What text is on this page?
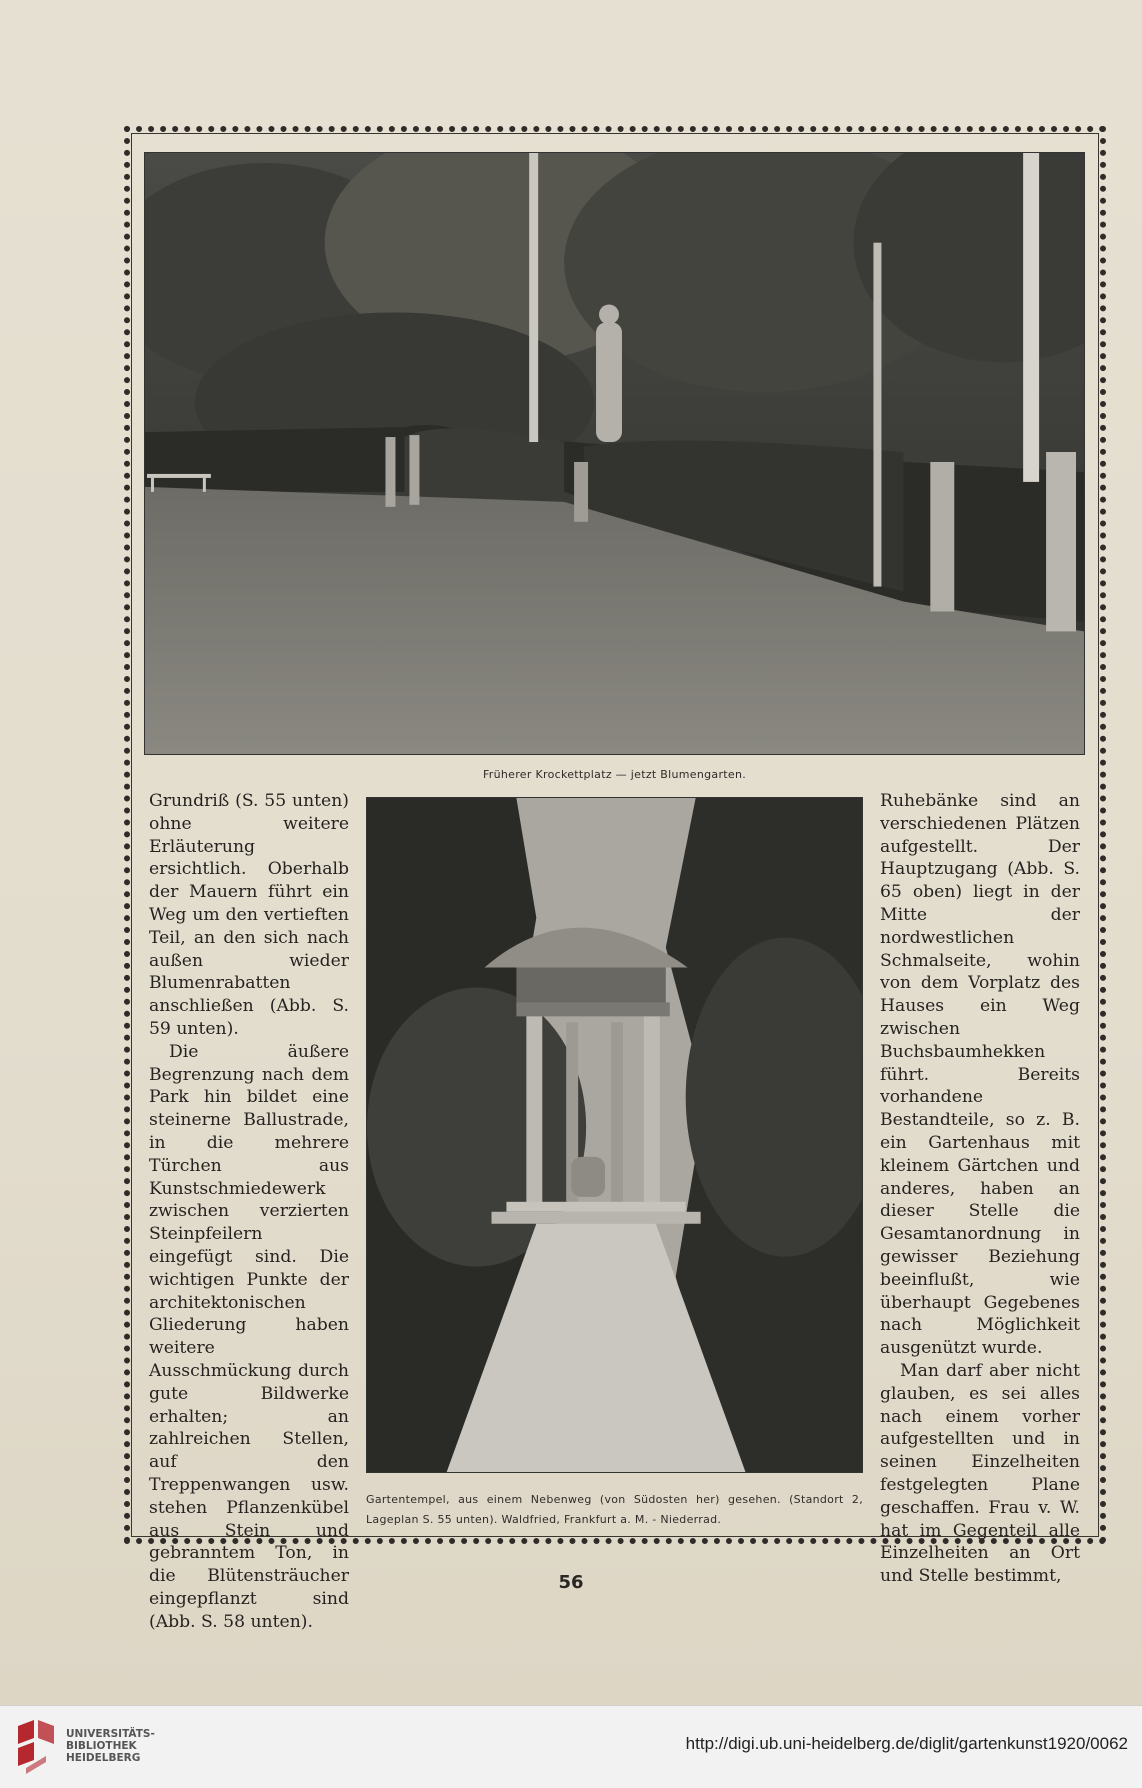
Früherer Krockettplatz — jetzt Blumengarten.

Grundriß (S. 55 unten) ohne weitere Erläuterung ersichtlich. Oberhalb der Mauern führt ein Weg um den vertieften Teil, an den sich nach außen wieder Blumenrabatten anschließen (Abb. S. 59 unten).

Die äußere Begrenzung nach dem Park hin bildet eine steinerne Ballustrade, in die mehrere Türchen aus Kunstschmiedewerk zwischen verzierten Steinpfeilern eingefügt sind. Die wichtigen Punkte der architektonischen Gliederung haben weitere Ausschmückung durch gute Bildwerke erhalten; an zahlreichen Stellen, auf den Treppenwangen usw. stehen Pflanzenkübel aus Stein und gebranntem Ton, in die Blütensträucher eingepflanzt sind (Abb. S. 58 unten).

Gartentempel, aus einem Nebenweg (von Südosten her) gesehen. (Standort 2, Lageplan S. 55 unten). Waldfried, Frankfurt a. M. - Niederrad.

Ruhebänke sind an verschiedenen Plätzen aufgestellt. Der Hauptzugang (Abb. S. 65 oben) liegt in der Mitte der nordwestlichen Schmalseite, wohin von dem Vorplatz des Hauses ein Weg zwischen Buchsbaumhekken führt. Bereits vorhandene Bestandteile, so z. B. ein Gartenhaus mit kleinem Gärtchen und anderes, haben an dieser Stelle die Gesamtanordnung in gewisser Beziehung beeinflußt, wie überhaupt Gegebenes nach Möglichkeit ausgenützt wurde.

Man darf aber nicht glauben, es sei alles nach einem vorher aufgestellten und in seinen Einzelheiten festgelegten Plane geschaffen. Frau v. W. hat im Gegenteil alle Einzelheiten an Ort und Stelle bestimmt,

56
UNIVERSITÄTS-
BIBLIOTHEK
HEIDELBERG
http://digi.ub.uni-heidelberg.de/diglit/gartenkunst1920/0062
